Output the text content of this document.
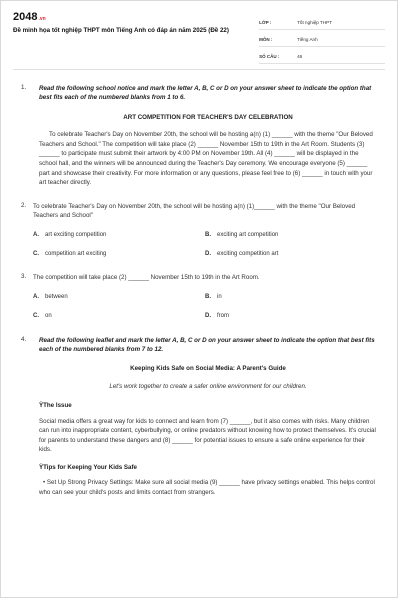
2048.vn
Đề minh họa tốt nghiệp THPT môn Tiếng Anh có đáp án năm 2025 (Đề 22)
LỚP :	Tốt nghiệp THPT
MÔN :	Tiếng Anh
SỐ CÂU :	46
1.	Read the following school notice and mark the letter A, B, C or D on your answer sheet to indicate the option that best fits each of the numbered blanks from 1 to 6.
ART COMPETITION FOR TEACHER'S DAY CELEBRATION
To celebrate Teacher's Day on November 20th, the school will be hosting a(n) (1) ______ with the theme "Our Beloved Teachers and School." The competition will take place (2) ______ November 15th to 19th in the Art Room. Students (3) ______ to participate must submit their artwork by 4:00 PM on November 19th. All (4) ______ will be displayed in the school hall, and the winners will be announced during the Teacher's Day ceremony. We encourage everyone (5) ______ part and showcase their creativity. For more information or any questions, please feel free to (6) ______ in touch with your art teacher directly.
2.	To celebrate Teacher's Day on November 20th, the school will be hosting a(n) (1)______ with the theme "Our Beloved Teachers and School"
A. art exciting competition	B. exciting art competition
C. competition art exciting	D. exciting competition art
3.	The competition will take place (2) ______ November 15th to 19th in the Art Room.
A. between	B. in
C. on	D. from
4.	Read the following leaflet and mark the letter A, B, C or D on your answer sheet to indicate the option that best fits each of the numbered blanks from 7 to 12.
Keeping Kids Safe on Social Media: A Parent's Guide
Let's work together to create a safer online environment for our children.
ŸThe Issue
Social media offers a great way for kids to connect and learn from (7) ______, but it also comes with risks. Many children can run into inappropriate content, cyberbullying, or online predators without knowing how to protect themselves. It's crucial for parents to understand these dangers and (8) ______ for potential issues to ensure a safe online experience for their kids.
ŸTips for Keeping Your Kids Safe
• Set Up Strong Privacy Settings: Make sure all social media (9) ______ have privacy settings enabled. This helps control who can see your child's posts and limits contact from strangers.
